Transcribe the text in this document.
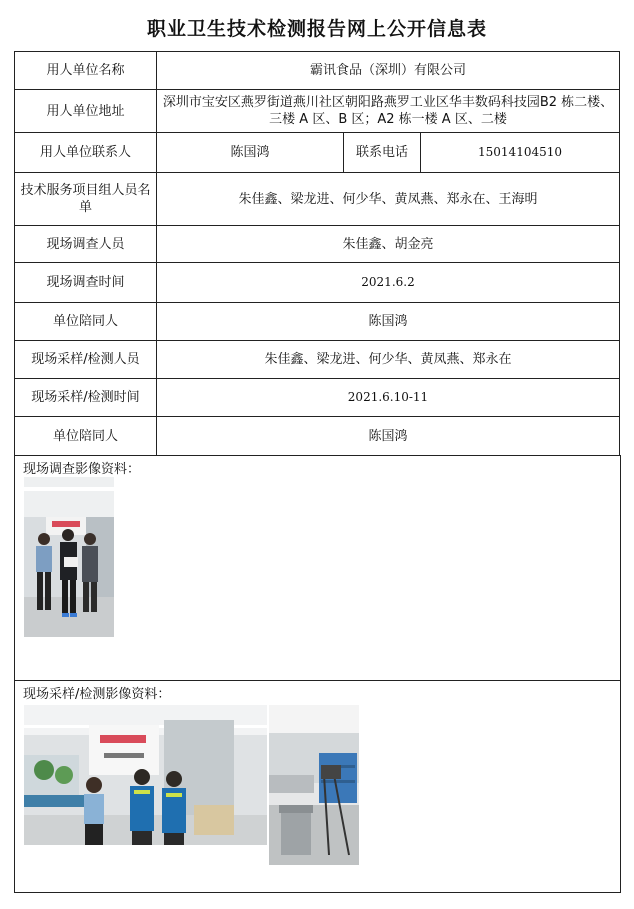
职业卫生技术检测报告网上公开信息表
用人单位名称	霸讯食品（深圳）有限公司		
用人单位地址	深圳市宝安区燕罗街道燕川社区朝阳路燕罗工业区华丰数码科技园B2 栋二楼、三楼 A 区、B 区；A2 栋一楼 A 区、二楼		
用人单位联系人	陈国鸿	联系电话	15014104510
技术服务项目组人员名单	朱佳鑫、梁龙进、何少华、黄凤燕、郑永在、王海明		
现场调查人员	朱佳鑫、胡金亮		
现场调查时间	2021.6.2		
单位陪同人	陈国鸿		
现场采样/检测人员	朱佳鑫、梁龙进、何少华、黄凤燕、郑永在		
现场采样/检测时间	2021.6.10-11		
单位陪同人	陈国鸿		
现场调查影像资料：
现场采样/检测影像资料：
